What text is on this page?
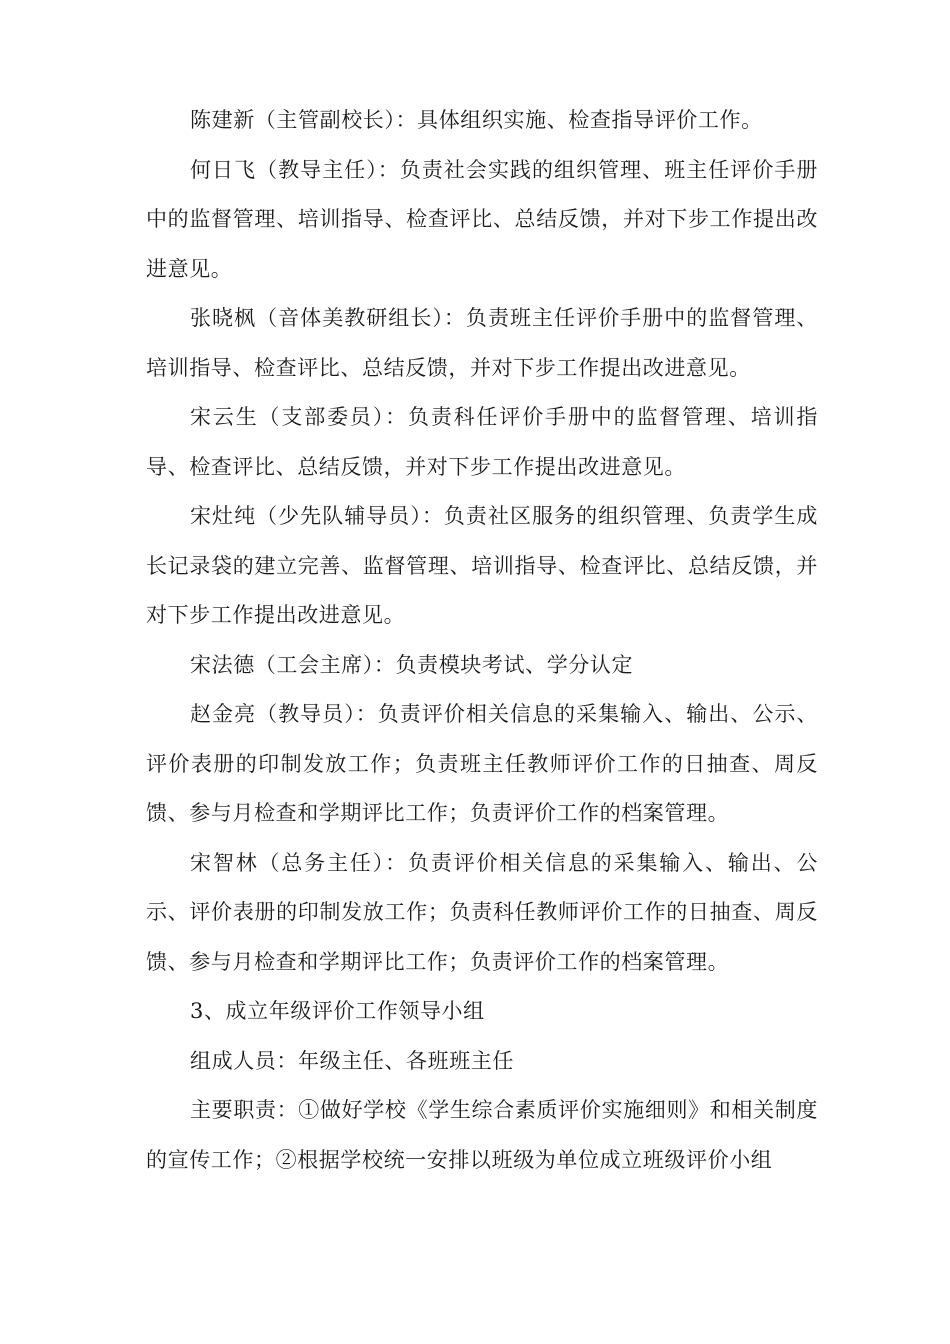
陈建新（主管副校长）：具体组织实施、检查指导评价工作。

何日飞（教导主任）：负责社会实践的组织管理、班主任评价手册中的监督管理、培训指导、检查评比、总结反馈，并对下步工作提出改进意见。

张晓枫（音体美教研组长）：负责班主任评价手册中的监督管理、培训指导、检查评比、总结反馈，并对下步工作提出改进意见。

宋云生（支部委员）：负责科任评价手册中的监督管理、培训指导、检查评比、总结反馈，并对下步工作提出改进意见。

宋灶纯（少先队辅导员）：负责社区服务的组织管理、负责学生成长记录袋的建立完善、监督管理、培训指导、检查评比、总结反馈，并对下步工作提出改进意见。

宋法德（工会主席）：负责模块考试、学分认定

赵金亮（教导员）：负责评价相关信息的采集输入、输出、公示、评价表册的印制发放工作；负责班主任教师评价工作的日抽查、周反馈、参与月检查和学期评比工作；负责评价工作的档案管理。

宋智林（总务主任）：负责评价相关信息的采集输入、输出、公示、评价表册的印制发放工作；负责科任教师评价工作的日抽查、周反馈、参与月检查和学期评比工作；负责评价工作的档案管理。

3、成立年级评价工作领导小组

组成人员：年级主任、各班班主任

主要职责：①做好学校《学生综合素质评价实施细则》和相关制度的宣传工作；②根据学校统一安排以班级为单位成立班级评价小组
